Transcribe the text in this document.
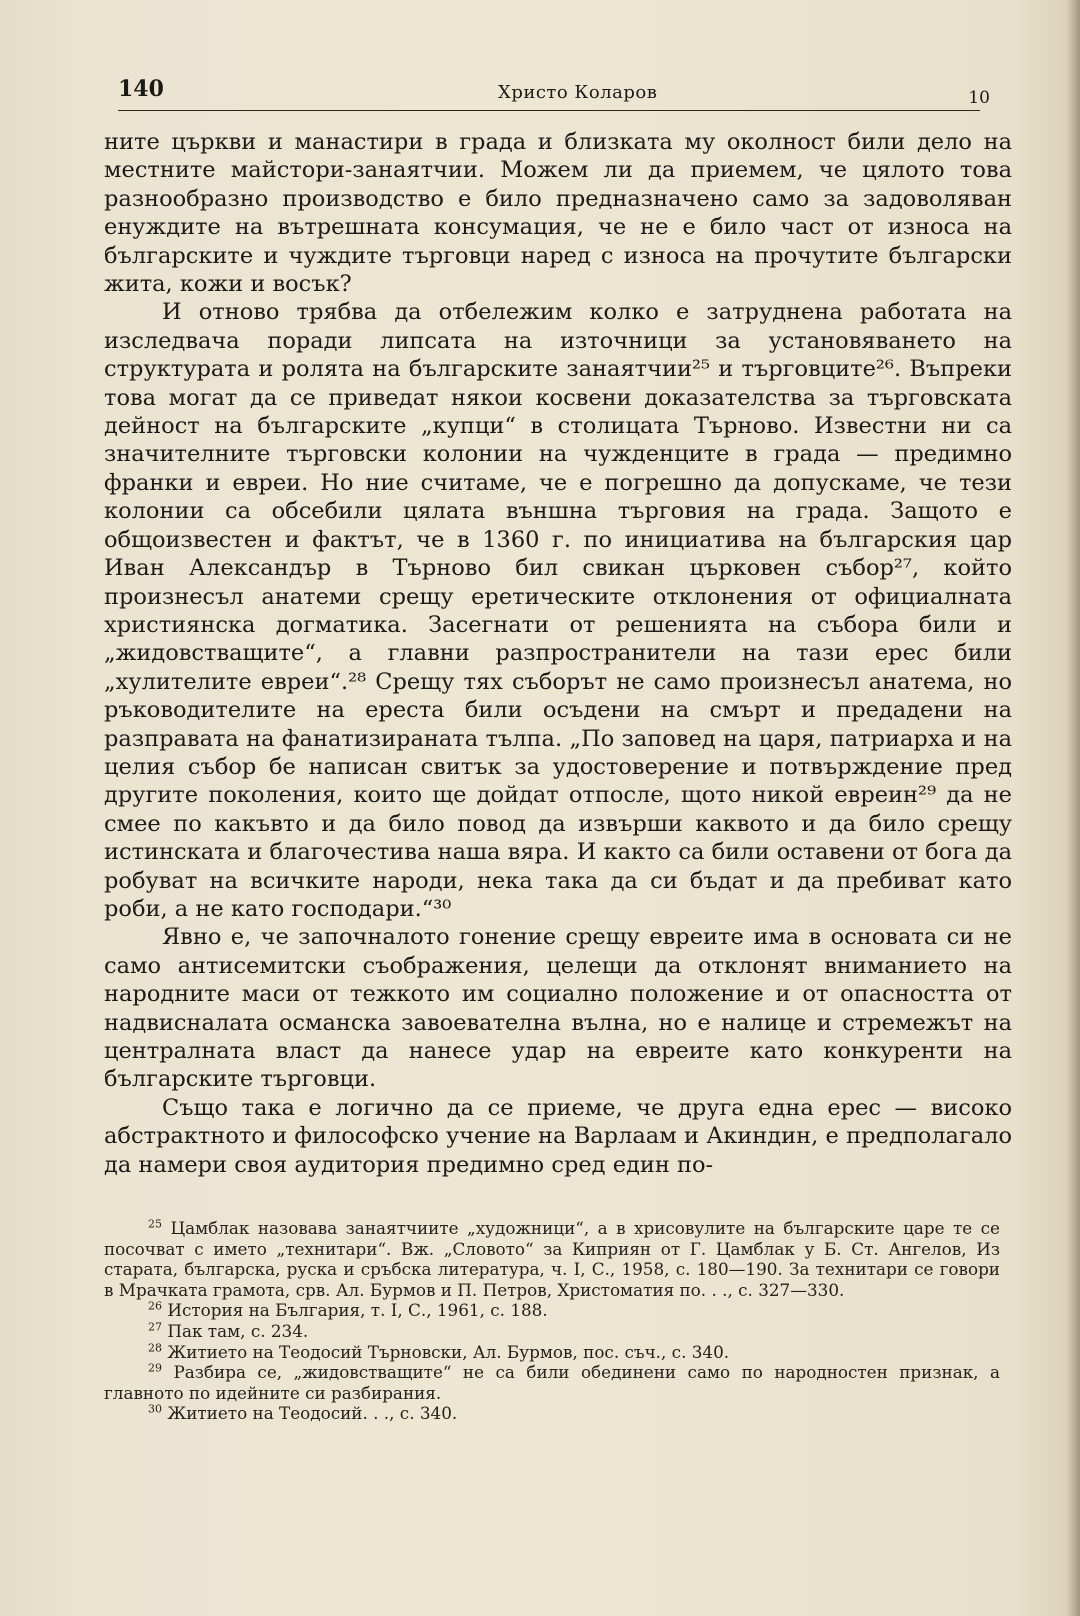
140	Христо Коларов	10

ните църкви и манастири в града и близката му околност били дело на местните майстори-занаятчии. Можем ли да приемем, че цялото това разнообразно производство е било предназначено само за задоволяван енуждите на вътрешната консумация, че не е било част от износа на българските и чуждите търговци наред с износа на прочутите български жита, кожи и восък?

И отново трябва да отбележим колко е затруднена работата на изследвача поради липсата на източници за установяването на структурата и ролята на българските занаятчии²⁵ и търговците²⁶. Въпреки това могат да се приведат някои косвени доказателства за търговската дейност на българските „купци“ в столицата Търново. Известни ни са значителните търговски колонии на чужденците в града — предимно франки и евреи. Но ние считаме, че е погрешно да допускаме, че тези колонии са обсебили цялата външна търговия на града. Защото е общоизвестен и фактът, че в 1360 г. по инициатива на българския цар Иван Александър в Търново бил свикан църковен събор²⁷, който произнесъл анатеми срещу еретическите отклонения от официалната християнска догматика. Засегнати от решенията на събора били и „жидовстващите“, а главни разпространители на тази ерес били „хулителите евреи“.²⁸ Срещу тях съборът не само произнесъл анатема, но ръководителите на ереста били осъдени на смърт и предадени на разправата на фанатизираната тълпа. „По заповед на царя, патриарха и на целия събор бе написан свитък за удостоверение и потвърждение пред другите поколения, които ще дойдат отпосле, щото никой евреин²⁹ да не смее по какъвто и да било повод да извърши каквото и да било срещу истинската и благочестива наша вяра. И както са били оставени от бога да робуват на всичките народи, нека така да си бъдат и да пребиват като роби, а не като господари.“³⁰

Явно е, че започналото гонение срещу евреите има в основата си не само антисемитски съображения, целещи да отклонят вниманието на народните маси от тежкото им социално положение и от опасността от надвисналата османска завоевателна вълна, но е налице и стремежът на централната власт да нанесе удар на евреите като конкуренти на българските търговци.

Също така е логично да се приеме, че друга една ерес — високо абстрактното и философско учение на Варлаам и Акиндин, е предполагало да намери своя аудитория предимно сред един по-

$^{25}$ Цамблак назовава занаятчиите „художници“, а в хрисовулите на българските царе те се посочват с името „технитари“. Вж. „Словото“ за Киприян от Г. Цамблак у Б. Ст. Ангелов, Из старата, българска, руска и сръбска литература, ч. I, С., 1958, с. 180—190. За технитари се говори в Мрачката грамота, срв. Ал. Бурмов и П. Петров, Христоматия по. . ., с. 327—330.

$^{26}$ История на България, т. I, С., 1961, с. 188.

$^{27}$ Пак там, с. 234.

$^{28}$ Житието на Теодосий Търновски, Ал. Бурмов, пос. съч., с. 340.

$^{29}$ Разбира се, „жидовстващите“ не са били обединени само по народностен признак, а главното по идейните си разбирания.

$^{30}$ Житието на Теодосий. . ., с. 340.
